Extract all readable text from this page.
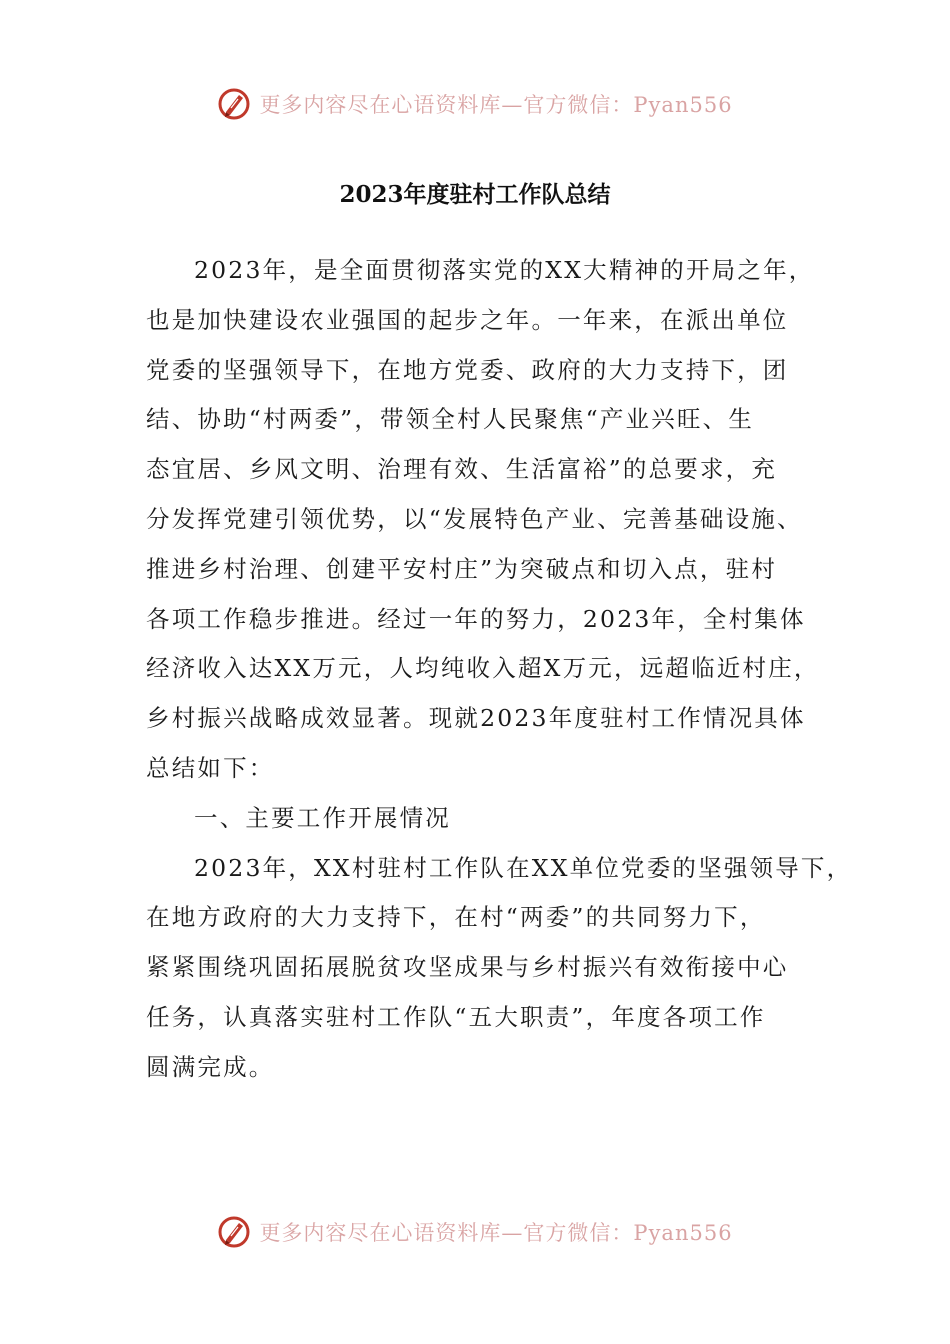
更多内容尽在心语资料库—官方微信：Pyan556
2023年度驻村工作队总结
2023年，是全面贯彻落实党的XX大精神的开局之年，
也是加快建设农业强国的起步之年。一年来，在派出单位
党委的坚强领导下，在地方党委、政府的大力支持下，团
结、协助“村两委”，带领全村人民聚焦“产业兴旺、生
态宜居、乡风文明、治理有效、生活富裕”的总要求，充
分发挥党建引领优势，以“发展特色产业、完善基础设施、
推进乡村治理、创建平安村庄”为突破点和切入点，驻村
各项工作稳步推进。经过一年的努力，2023年，全村集体
经济收入达XX万元，人均纯收入超X万元，远超临近村庄，
乡村振兴战略成效显著。现就2023年度驻村工作情况具体
总结如下：
一、主要工作开展情况
2023年，XX村驻村工作队在XX单位党委的坚强领导下，
在地方政府的大力支持下，在村“两委”的共同努力下，
紧紧围绕巩固拓展脱贫攻坚成果与乡村振兴有效衔接中心
任务，认真落实驻村工作队“五大职责”，年度各项工作
圆满完成。
更多内容尽在心语资料库—官方微信：Pyan556
